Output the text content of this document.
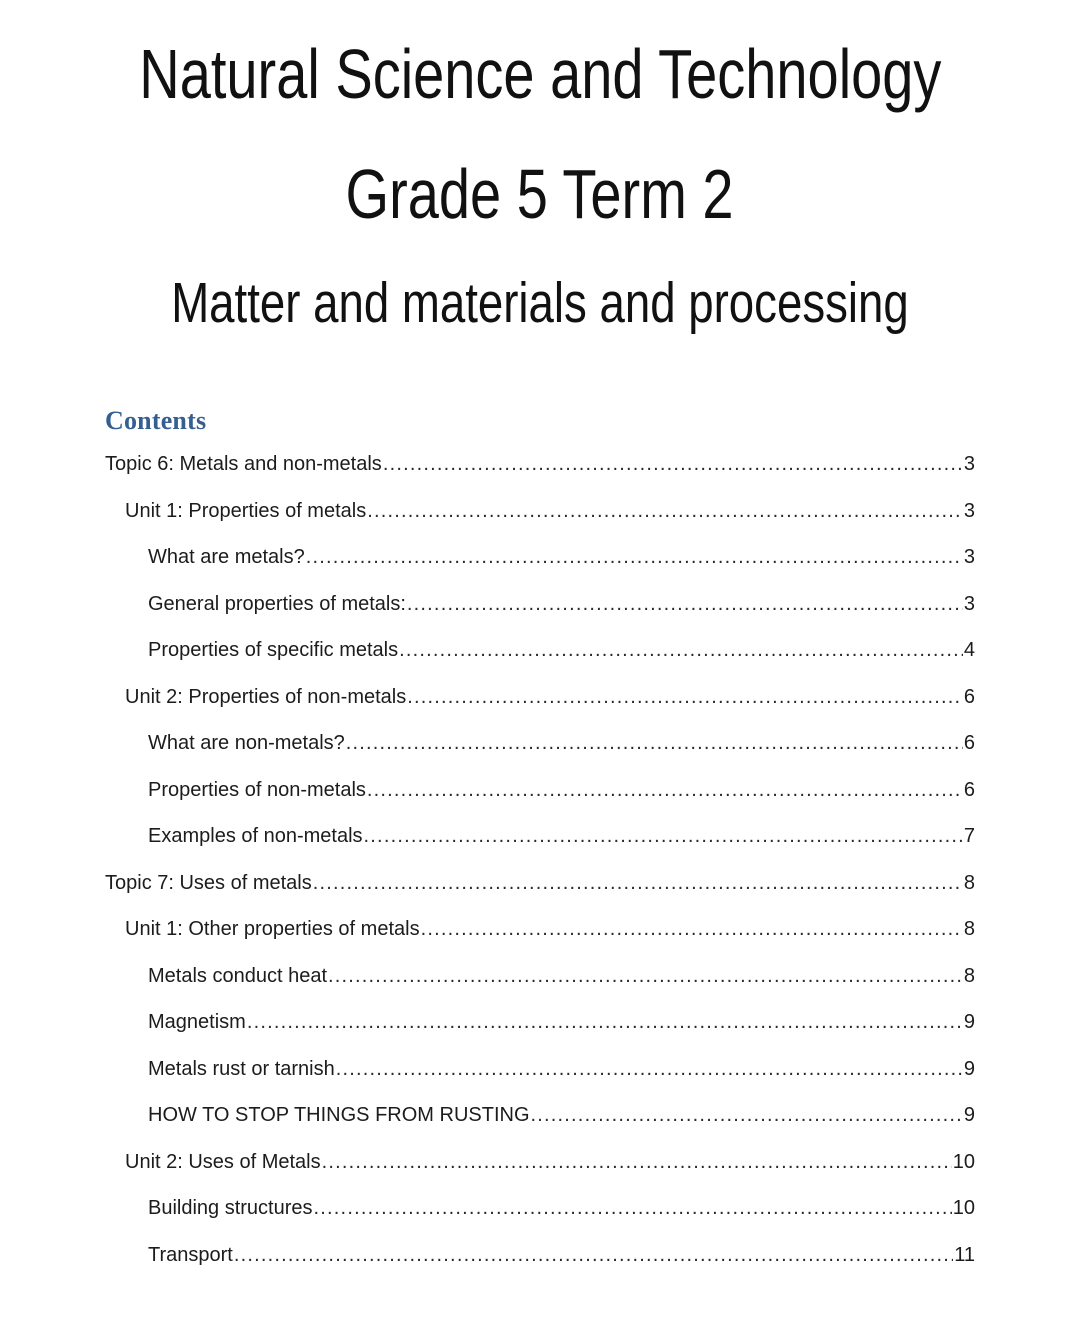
Natural Science and Technology
Grade 5 Term 2
Matter and materials and processing
Contents
Topic 6: Metals and non-metals .....	3
Unit 1: Properties of metals .....	3
What are metals? .....	3
General properties of metals: .....	3
Properties of specific metals .....	4
Unit 2: Properties of non-metals .....	6
What are non-metals? .....	6
Properties of non-metals .....	6
Examples of non-metals .....	7
Topic 7: Uses of metals .....	8
Unit 1: Other properties of metals .....	8
Metals conduct heat .....	8
Magnetism .....	9
Metals rust or tarnish .....	9
HOW TO STOP THINGS FROM RUSTING .....	9
Unit 2: Uses of Metals .....	10
Building structures .....	10
Transport .....	11
